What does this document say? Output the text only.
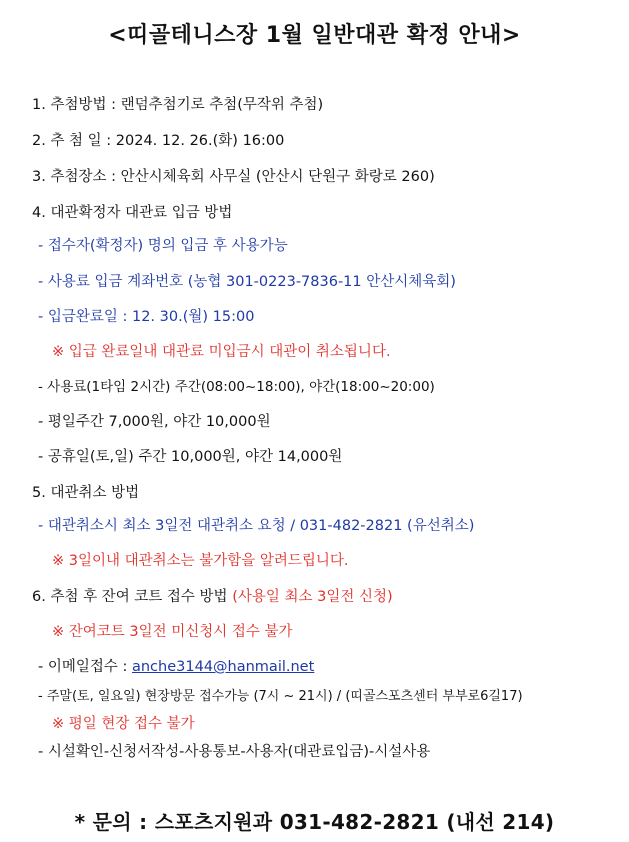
<띠골테니스장 1월 일반대관 확정 안내>
1. 추첨방법 : 랜덤추첨기로 추첨(무작위 추첨)
2. 추 첨 일 : 2024. 12. 26.(화) 16:00
3. 추첨장소 : 안산시체육회 사무실 (안산시 단원구 화랑로 260)
4. 대관확정자 대관료 입금 방법
- 접수자(확정자) 명의 입금 후 사용가능
- 사용료 입금 계좌번호 (농협 301-0223-7836-11 안산시체육회)
- 입금완료일 : 12. 30.(월) 15:00
※ 입급 완료일내 대관료 미입금시 대관이 취소됩니다.
- 사용료(1타임 2시간) 주간(08:00~18:00), 야간(18:00~20:00)
- 평일주간 7,000원, 야간 10,000원
- 공휴일(토,일) 주간 10,000원, 야간 14,000원
5. 대관취소 방법
- 대관취소시 최소 3일전 대관취소 요청 / 031-482-2821 (유선취소)
※ 3일이내 대관취소는 불가함을 알려드립니다.
6. 추첨 후 잔여 코트 접수 방법 (사용일 최소 3일전 신청)
※ 잔여코트 3일전 미신청시 접수 불가
- 이메일접수 : anche3144@hanmail.net
- 주말(토, 일요일) 현장방문 접수가능 (7시 ~ 21시) / (띠골스포츠센터 부부로6길17)
※ 평일 현장 접수 불가
- 시설확인-신청서작성-사용통보-사용자(대관료입금)-시설사용
* 문의 : 스포츠지원과 031-482-2821 (내선 214)
